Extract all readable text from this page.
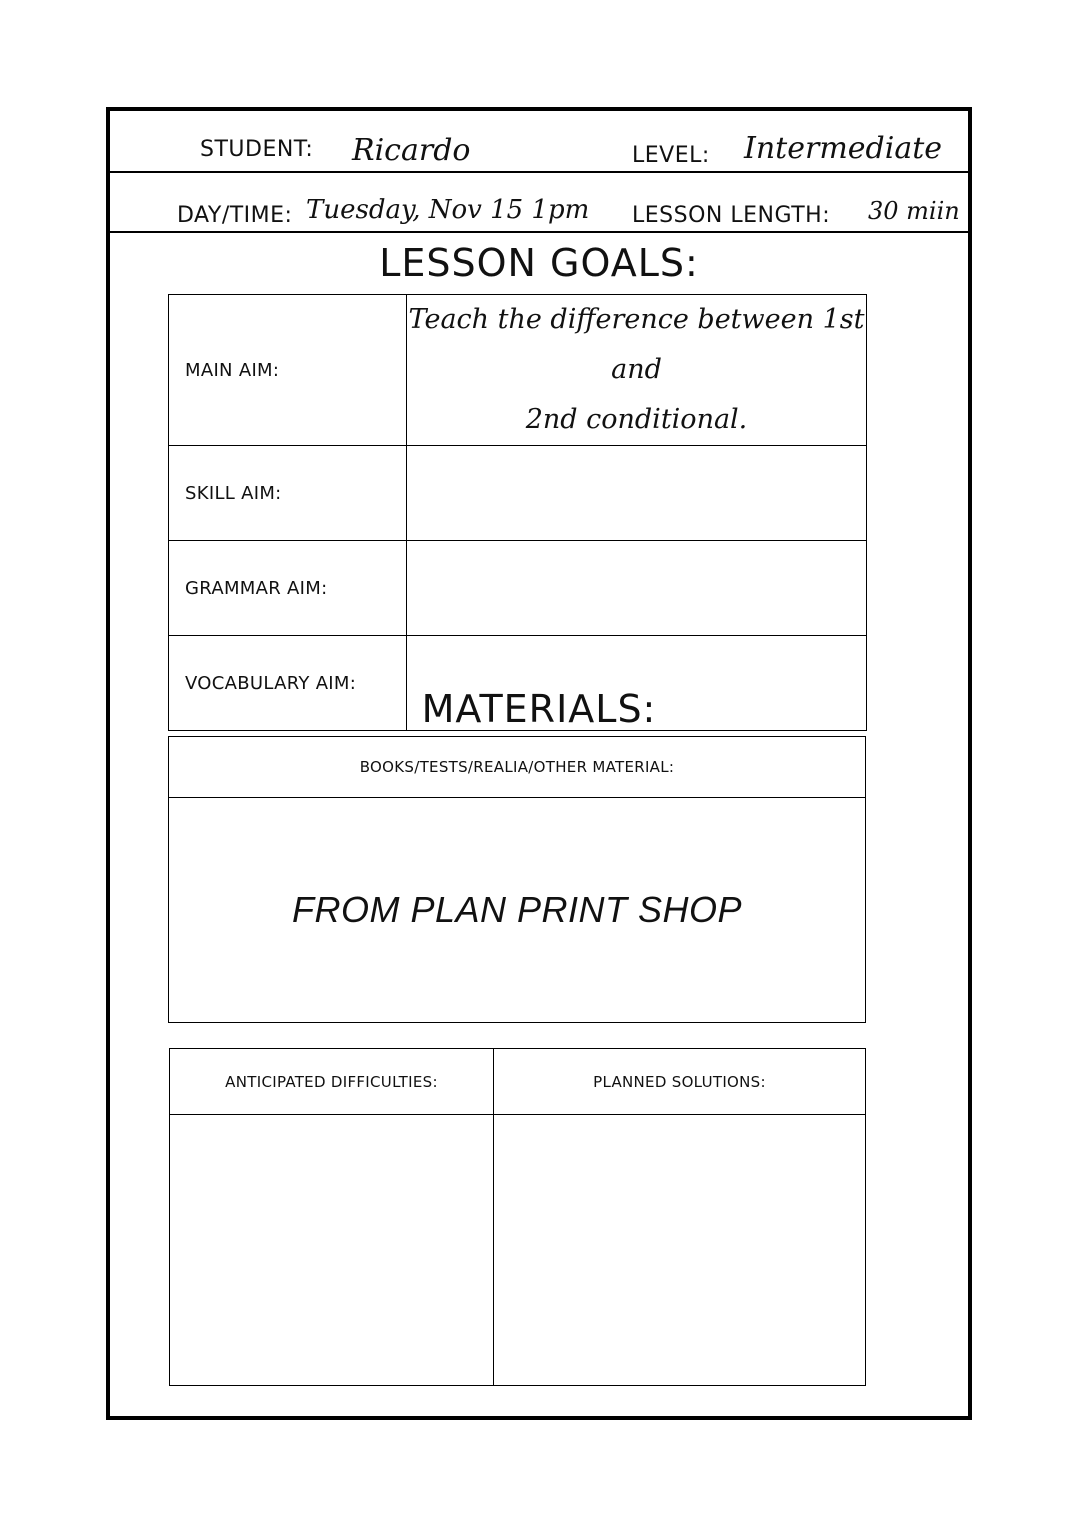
STUDENT: Ricardo	LEVEL: Intermediate
DAY/TIME: Tuesday, Nov 15 1pm LESSON LENGTH: 30 miin
LESSON GOALS:
MAIN AIM:	Teach the difference between 1st and
2nd conditional.

SKILL AIM:	
GRAMMAR AIM:	
VOCABULARY AIM:	
MATERIALS:
BOOKS/TESTS/REALIA/OTHER MATERIAL:
FROM PLAN PRINT SHOP
ANTICIPATED DIFFICULTIES:	PLANNED SOLUTIONS:
